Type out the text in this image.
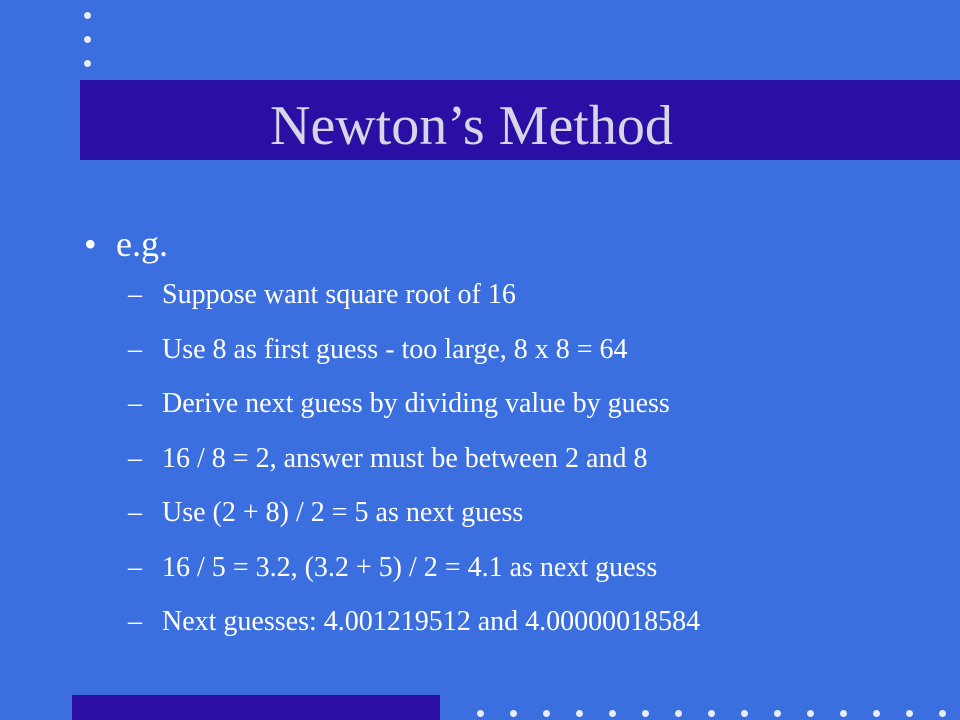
Newton’s Method
• e.g.
– Suppose want square root of 16
– Use 8 as first guess - too large, 8 x 8 = 64
– Derive next guess by dividing value by guess
– 16 / 8 = 2, answer must be between 2 and 8
– Use (2 + 8) / 2 = 5 as next guess
– 16 / 5 = 3.2, (3.2 + 5) / 2 = 4.1 as next guess
– Next guesses: 4.001219512 and 4.00000018584
